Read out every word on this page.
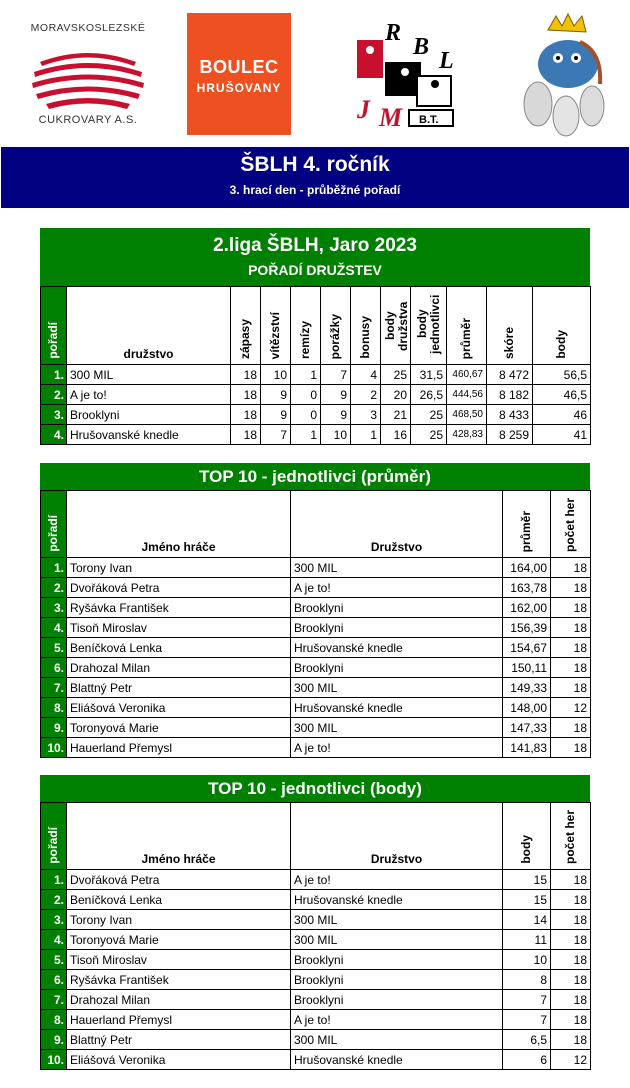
MORAVSKOSLEZSKÉ
CUKROVARY A.S.
BOULEC
HRUŠOVANY
R
B
L
J M B.T.
ŠBLH 4. ročník
3. hrací den - průběžné pořadí
2.liga ŠBLH, Jaro 2023
POŘADÍ DRUŽSTEV
pořadí	družstvo	zápasy	vítězství	remízy	porážky	bonusy	body družstva	body jednotlivci	průměr	skóre	body
1.	300 MIL	18	10	1	7	4	25	31,5	460,67	8 472	56,5
2.	A je to!	18	9	0	9	2	20	26,5	444,56	8 182	46,5
3.	Brooklyni	18	9	0	9	3	21	25	468,50	8 433	46
4.	Hrušovanské knedle	18	7	1	10	1	16	25	428,83	8 259	41
TOP 10 - jednotlivci (průměr)
pořadí	Jméno hráče	Družstvo	průměr	počet her
1.	Torony Ivan	300 MIL	164,00	18
2.	Dvořáková Petra	A je to!	163,78	18
3.	Ryšávka František	Brooklyni	162,00	18
4.	Tisoň Miroslav	Brooklyni	156,39	18
5.	Beníčková Lenka	Hrušovanské knedle	154,67	18
6.	Drahozal Milan	Brooklyni	150,11	18
7.	Blattný Petr	300 MIL	149,33	18
8.	Eliášová Veronika	Hrušovanské knedle	148,00	12
9.	Toronyová Marie	300 MIL	147,33	18
10.	Hauerland Přemysl	A je to!	141,83	18
TOP 10 - jednotlivci (body)
pořadí	Jméno hráče	Družstvo	body	počet her
1.	Dvořáková Petra	A je to!	15	18
2.	Beníčková Lenka	Hrušovanské knedle	15	18
3.	Torony Ivan	300 MIL	14	18
4.	Toronyová Marie	300 MIL	11	18
5.	Tisoň Miroslav	Brooklyni	10	18
6.	Ryšávka František	Brooklyni	8	18
7.	Drahozal Milan	Brooklyni	7	18
8.	Hauerland Přemysl	A je to!	7	18
9.	Blattný Petr	300 MIL	6,5	18
10.	Eliášová Veronika	Hrušovanské knedle	6	12
